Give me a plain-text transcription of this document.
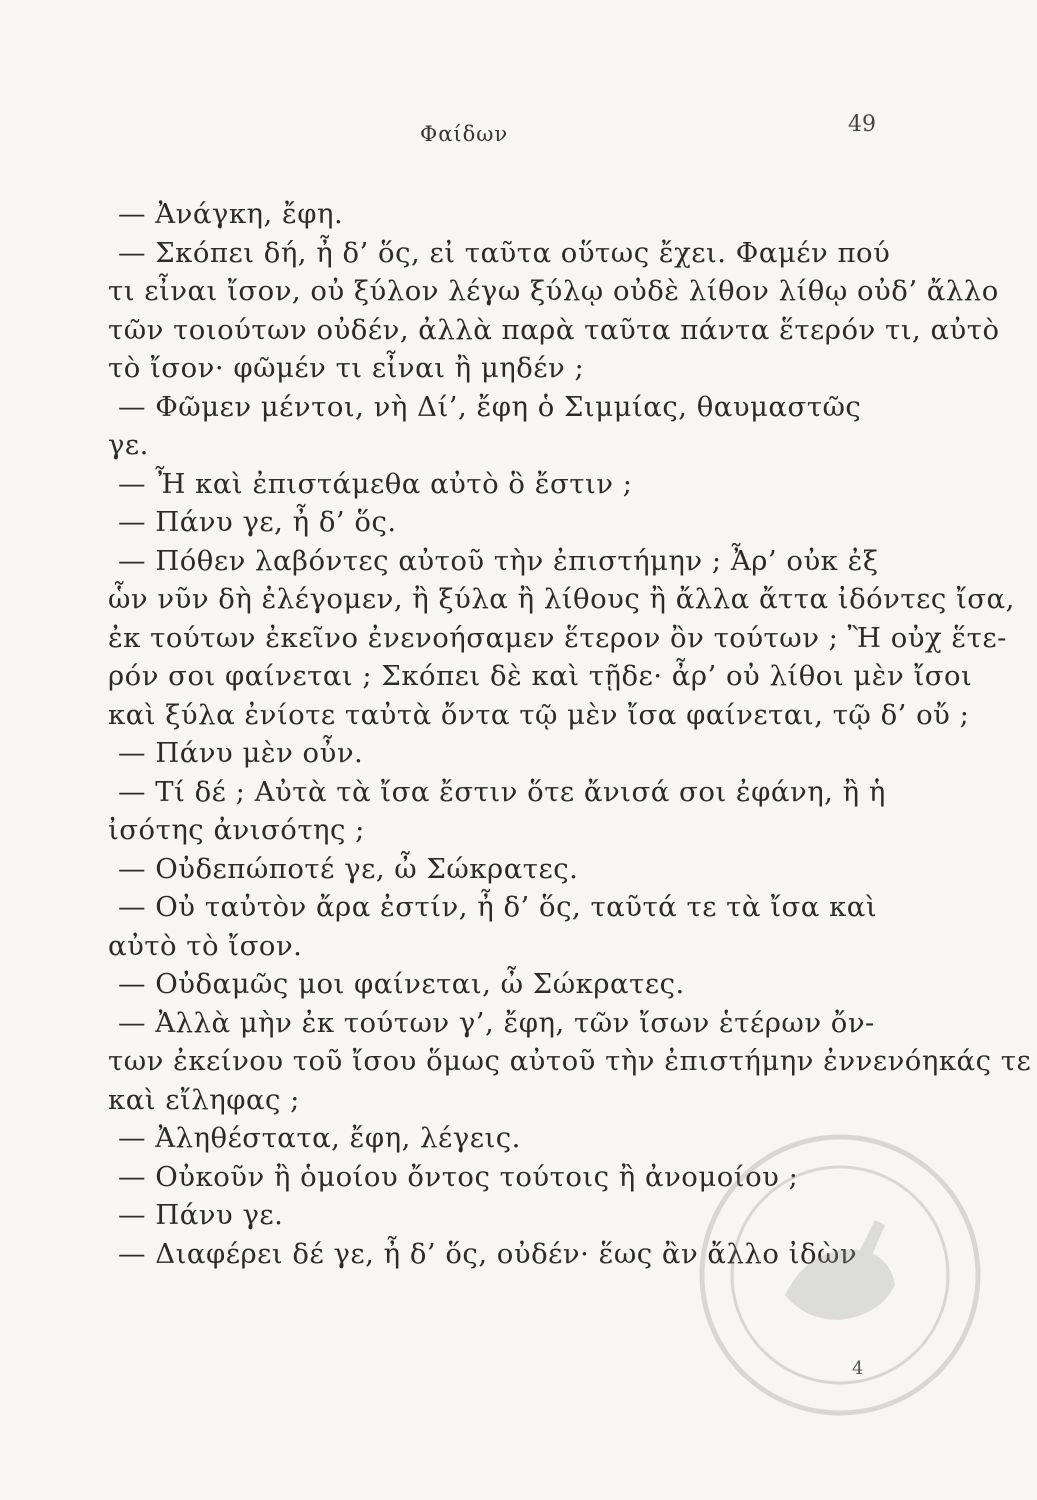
Φαίδων	49
— Ἀνάγκη, ἔφη.
— Σκόπει δή, ἦ δ’ ὅς, εἰ ταῦτα οὕτως ἔχει. Φαμέν πού
τι εἶναι ἴσον, οὐ ξύλον λέγω ξύλῳ οὐδὲ λίθον λίθῳ οὐδ’ ἄλλο
τῶν τοιούτων οὐδέν, ἀλλὰ παρὰ ταῦτα πάντα ἕτερόν τι, αὐτὸ
τὸ ἴσον· φῶμέν τι εἶναι ἢ μηδέν ;
— Φῶμεν μέντοι, νὴ Δί’, ἔφη ὁ Σιμμίας, θαυμαστῶς
γε.
— Ἦ καὶ ἐπιστάμεθα αὐτὸ ὃ ἔστιν ;
— Πάνυ γε, ἦ δ’ ὅς.
— Πόθεν λαβόντες αὐτοῦ τὴν ἐπιστήμην ; Ἆρ’ οὐκ ἐξ
ὧν νῦν δὴ ἐλέγομεν, ἢ ξύλα ἢ λίθους ἢ ἄλλα ἄττα ἰδόντες ἴσα,
ἐκ τούτων ἐκεῖνο ἐνενοήσαμεν ἕτερον ὂν τούτων ; Ἢ οὐχ ἕτε-
ρόν σοι φαίνεται ; Σκόπει δὲ καὶ τῇδε· ἆρ’ οὐ λίθοι μὲν ἴσοι
καὶ ξύλα ἐνίοτε ταὐτὰ ὄντα τῷ μὲν ἴσα φαίνεται, τῷ δ’ οὔ ;
— Πάνυ μὲν οὖν.
— Τί δέ ; Αὐτὰ τὰ ἴσα ἔστιν ὅτε ἄνισά σοι ἐφάνη, ἢ ἡ
ἰσότης ἀνισότης ;
— Οὐδεπώποτέ γε, ὦ Σώκρατες.
— Οὐ ταὐτὸν ἄρα ἐστίν, ἦ δ’ ὅς, ταῦτά τε τὰ ἴσα καὶ
αὐτὸ τὸ ἴσον.
— Οὐδαμῶς μοι φαίνεται, ὦ Σώκρατες.
— Ἀλλὰ μὴν ἐκ τούτων γ’, ἔφη, τῶν ἴσων ἑτέρων ὄν-
των ἐκείνου τοῦ ἴσου ὅμως αὐτοῦ τὴν ἐπιστήμην ἐννενόηκάς τε
καὶ εἴληφας ;
— Ἀληθέστατα, ἔφη, λέγεις.
— Οὐκοῦν ἢ ὁμοίου ὄντος τούτοις ἢ ἀνομοίου ;
— Πάνυ γε.
— Διαφέρει δέ γε, ἦ δ’ ὅς, οὐδέν· ἕως ἂν ἄλλο ἰδὼν
4
